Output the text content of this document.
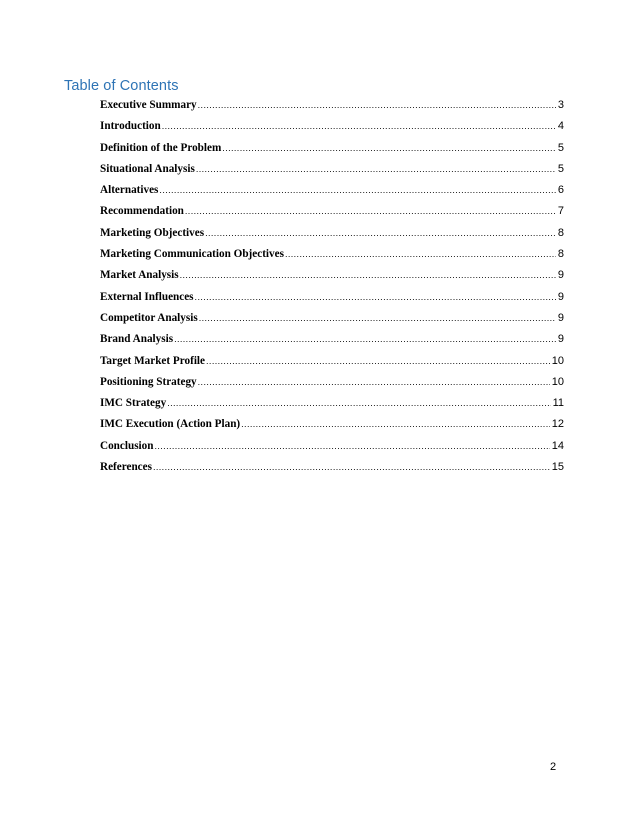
Table of Contents
Executive Summary .....	3
Introduction .....	4
Definition of the Problem .....	5
Situational Analysis .....	5
Alternatives .....	6
Recommendation .....	7
Marketing Objectives .....	8
Marketing Communication Objectives .....	8
Market Analysis .....	9
External Influences .....	9
Competitor Analysis .....	9
Brand Analysis .....	9
Target Market Profile .....	10
Positioning Strategy .....	10
IMC Strategy .....	11
IMC Execution (Action Plan) .....	12
Conclusion .....	14
References .....	15
2
